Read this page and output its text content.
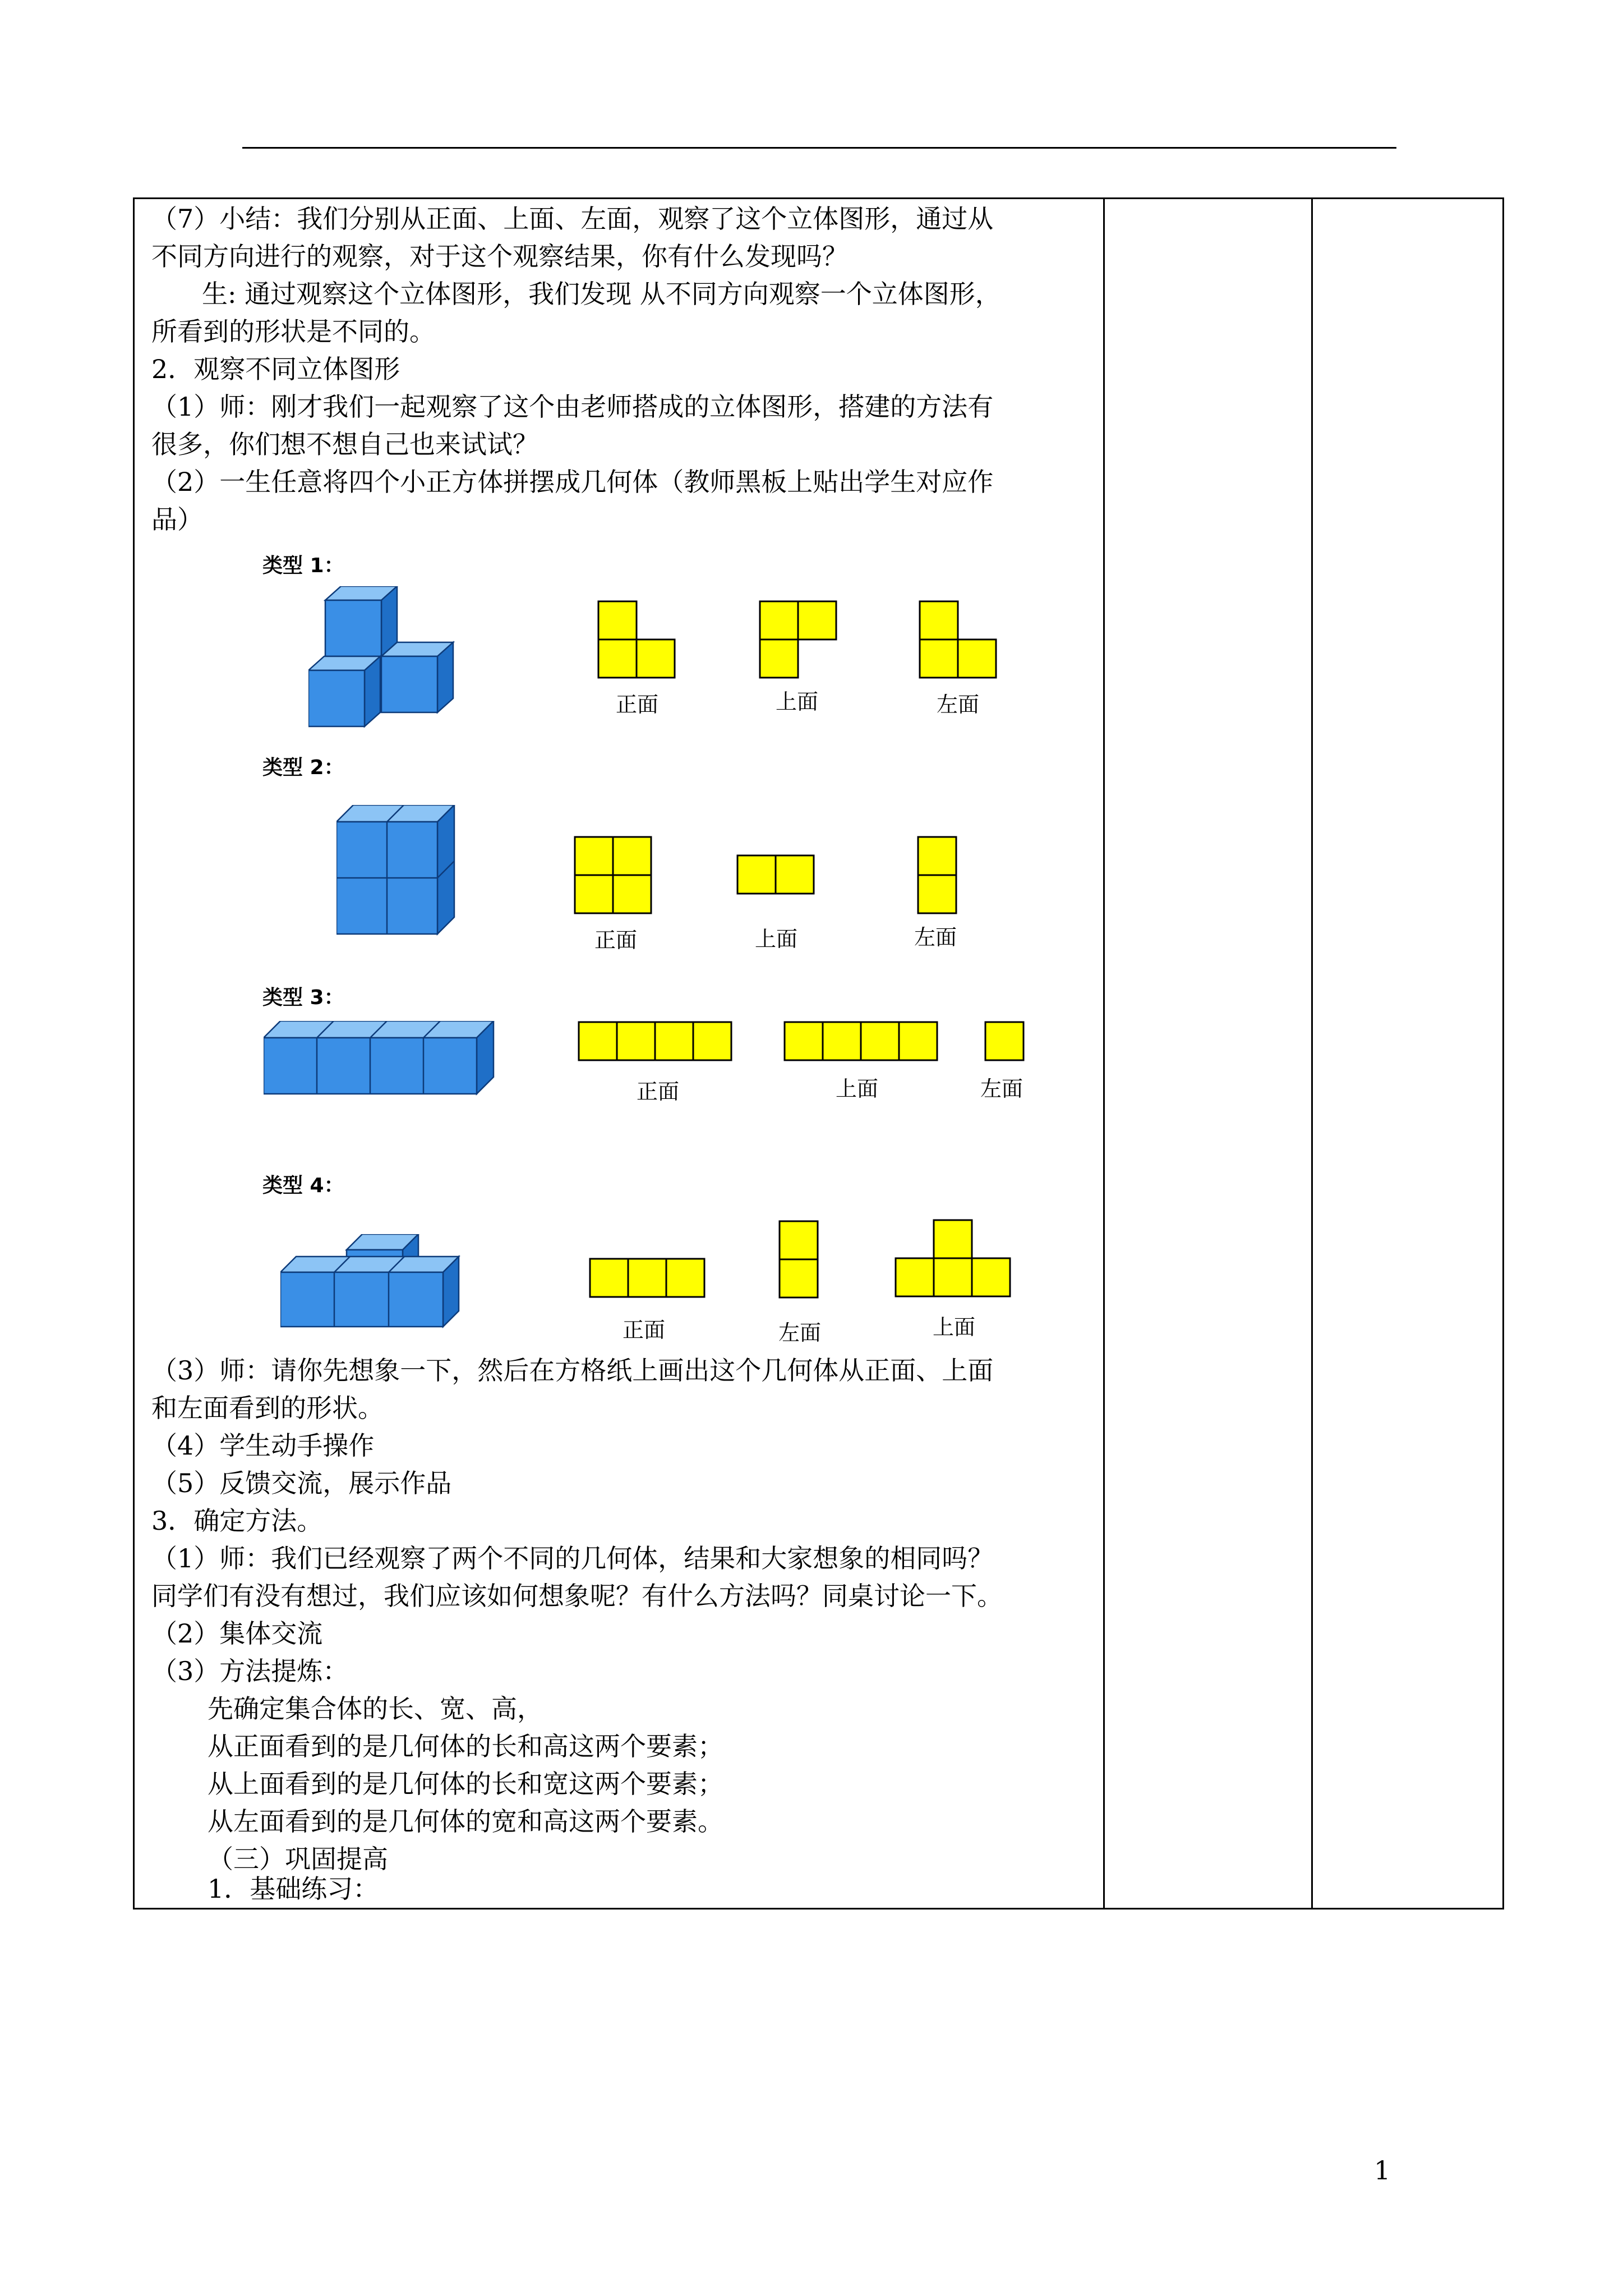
（7）小结：我们分别从正面、上面、左面，观察了这个立体图形，通过从
不同方向进行的观察，对于这个观察结果，你有什么发现吗？
生: 通过观察这个立体图形，我们发现 从不同方向观察一个立体图形，
所看到的形状是不同的。
2．观察不同立体图形
（1）师：刚才我们一起观察了这个由老师搭成的立体图形，搭建的方法有
很多，你们想不想自己也来试试？
（2）一生任意将四个小正方体拼摆成几何体（教师黑板上贴出学生对应作
品）
类型 1：
正面	上面	左面
类型 2：
正面	上面	左面
类型 3：
正面	上面	左面
类型 4：
正面	左面	上面
（3）师：请你先想象一下，然后在方格纸上画出这个几何体从正面、上面
和左面看到的形状。
（4）学生动手操作
（5）反馈交流，展示作品
3．确定方法。
（1）师：我们已经观察了两个不同的几何体，结果和大家想象的相同吗？
同学们有没有想过，我们应该如何想象呢？有什么方法吗？同桌讨论一下。
（2）集体交流
（3）方法提炼：
先确定集合体的长、宽、高，
从正面看到的是几何体的长和高这两个要素；
从上面看到的是几何体的长和宽这两个要素；
从左面看到的是几何体的宽和高这两个要素。
（三）巩固提高
1．基础练习：
1
